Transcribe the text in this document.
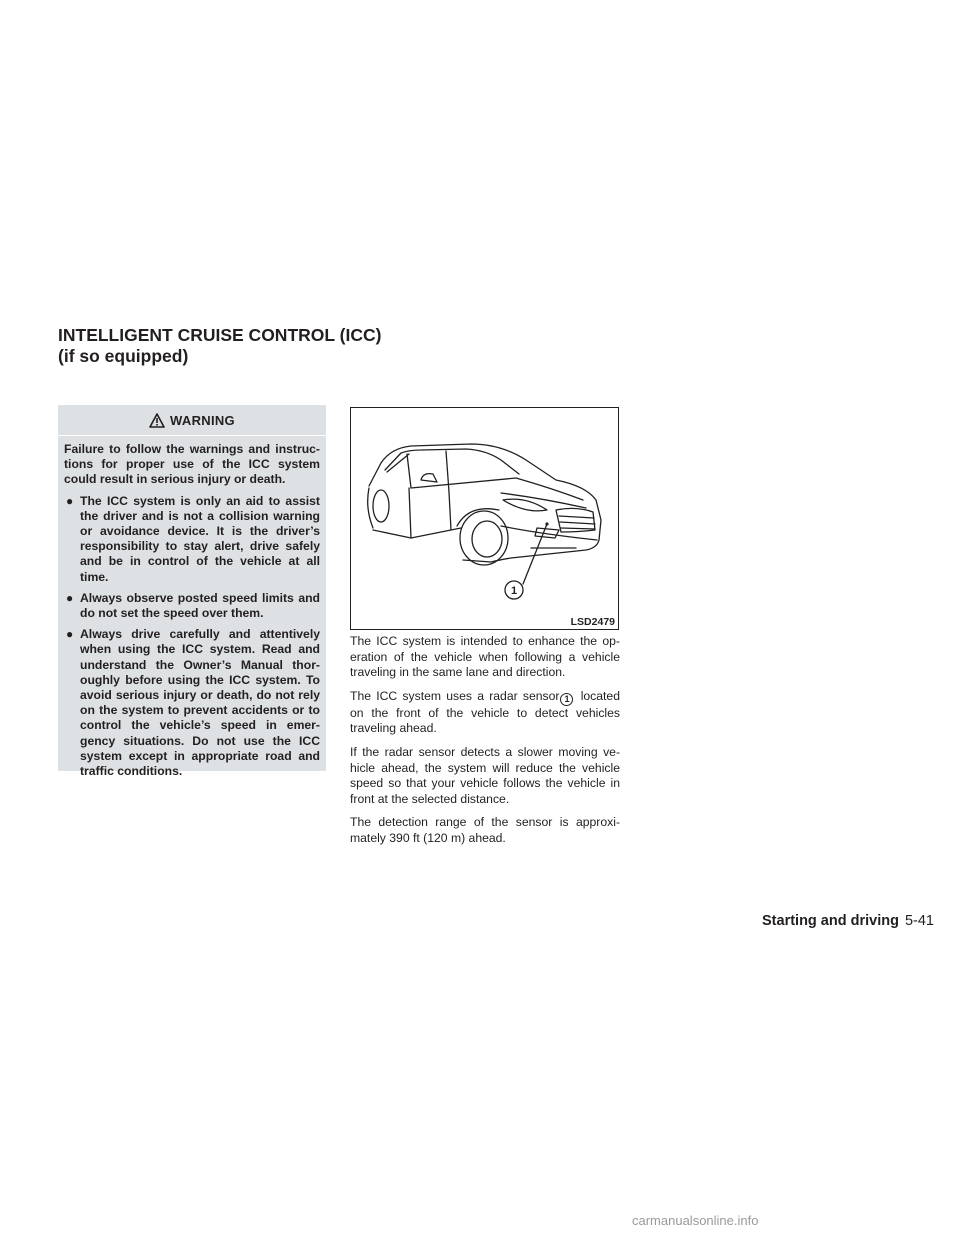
INTELLIGENT CRUISE CONTROL (ICC)
(if so equipped)
WARNING

Failure to follow the warnings and instruc-tions for proper use of the ICC system could result in serious injury or death.

● The ICC system is only an aid to assist the driver and is not a collision warning or avoidance device. It is the driver’s responsibility to stay alert, drive safely and be in control of the vehicle at all time.
● Always observe posted speed limits and do not set the speed over them.
● Always drive carefully and attentively when using the ICC system. Read and understand the Owner’s Manual thor-oughly before using the ICC system. To avoid serious injury or death, do not rely on the system to prevent accidents or to control the vehicle’s speed in emer-gency situations. Do not use the ICC system except in appropriate road and traffic conditions.
1
LSD2479

The ICC system is intended to enhance the op-eration of the vehicle when following a vehicle traveling in the same lane and direction.

The ICC system uses a radar sensor 1 located on the front of the vehicle to detect vehicles traveling ahead.

If the radar sensor detects a slower moving ve-hicle ahead, the system will reduce the vehicle speed so that your vehicle follows the vehicle in front at the selected distance.

The detection range of the sensor is approxi-mately 390 ft (120 m) ahead.

Starting and driving 5-41
carmanualsonline.info
